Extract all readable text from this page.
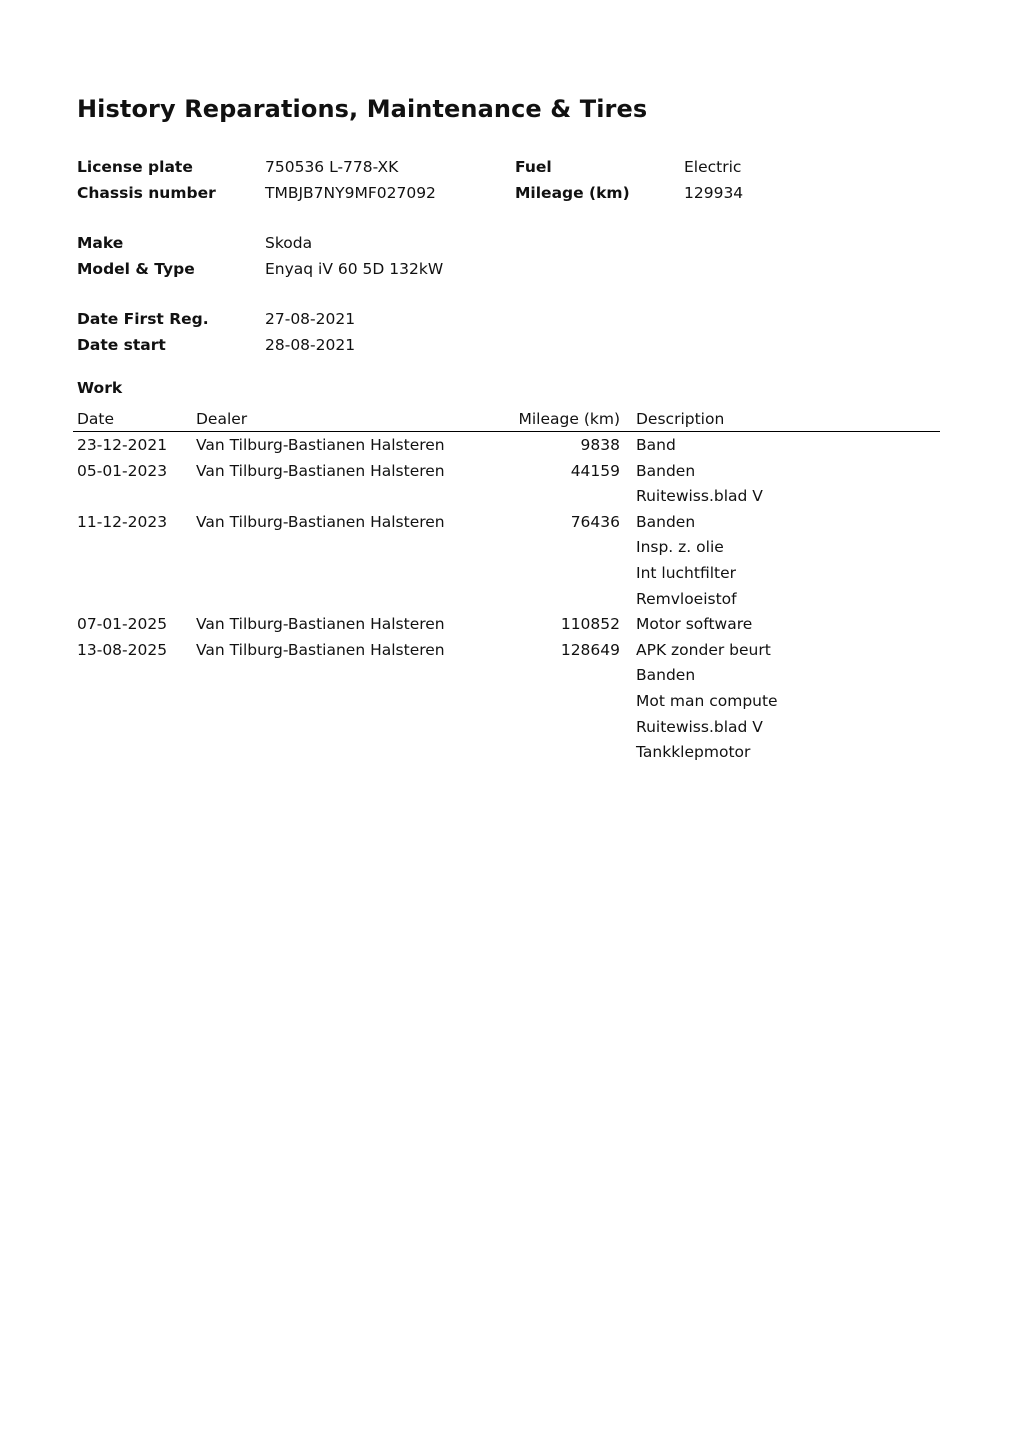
History Reparations, Maintenance & Tires
License plate	750536 L-778-XK	Fuel	Electric
Chassis number	TMBJB7NY9MF027092	Mileage (km)	129934
Make	Skoda
Model & Type	Enyaq iV 60 5D 132kW
Date First Reg.	27-08-2021
Date start	28-08-2021
Work
Date	Dealer	Mileage (km) Description
23-12-2021 Van Tilburg-Bastianen Halsteren	9838 Band
05-01-2023 Van Tilburg-Bastianen Halsteren	44159 Banden
Ruitewiss.blad V
11-12-2023 Van Tilburg-Bastianen Halsteren	76436 Banden
Insp. z. olie
Int luchtfilter
Remvloeistof
07-01-2025 Van Tilburg-Bastianen Halsteren	110852 Motor software
13-08-2025 Van Tilburg-Bastianen Halsteren	128649 APK zonder beurt
Banden
Mot man compute
Ruitewiss.blad V
Tankklepmotor
